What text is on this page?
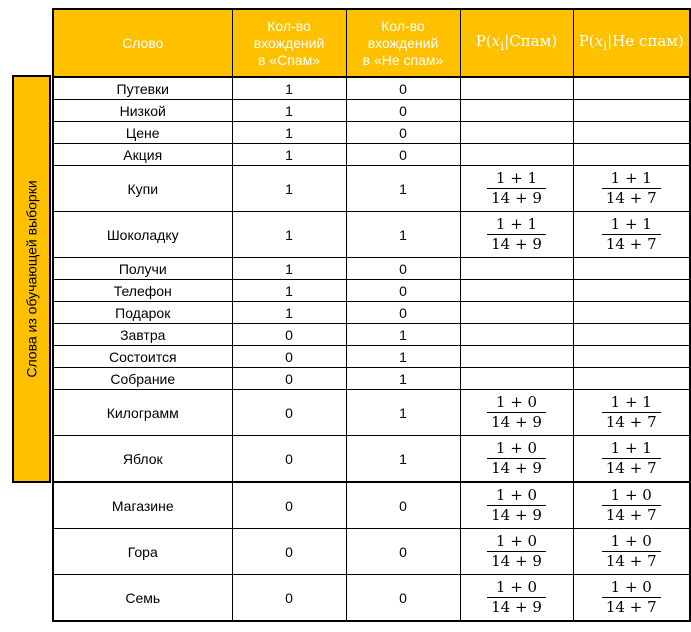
Слова из обучающей выборки
Слово	Кол-во
вхождений
в «Спам»	Кол-во
вхождений
в «Не спам»	$P(x_i|Спам)$	$P(x_i|Не$ спам)
Путевки	1	0		
Низкой	1	0		
Цене	1	0		
Акция	1	0		
Купи	1	1	$\frac{1 + 1}{14 + 9}$	$\frac{1 + 1}{14 + 7}$

Шоколадку	1	1	$\frac{1 + 1}{14 + 9}$	$\frac{1 + 1}{14 + 7}$

Получи	1	0		
Телефон	1	0		
Подарок	1	0		
Завтра	0	1		
Состоится	0	1		
Собрание	0	1		
Килограмм	0	1	$\frac{1 + 0}{14 + 9}$	$\frac{1 + 1}{14 + 7}$

Яблок	0	1	$\frac{1 + 0}{14 + 9}$	$\frac{1 + 1}{14 + 7}$

Магазине	0	0	$\frac{1 + 0}{14 + 9}$	$\frac{1 + 0}{14 + 7}$

Гора	0	0	$\frac{1 + 0}{14 + 9}$	$\frac{1 + 0}{14 + 7}$

Семь	0	0	$\frac{1 + 0}{14 + 9}$	$\frac{1 + 0}{14 + 7}$
